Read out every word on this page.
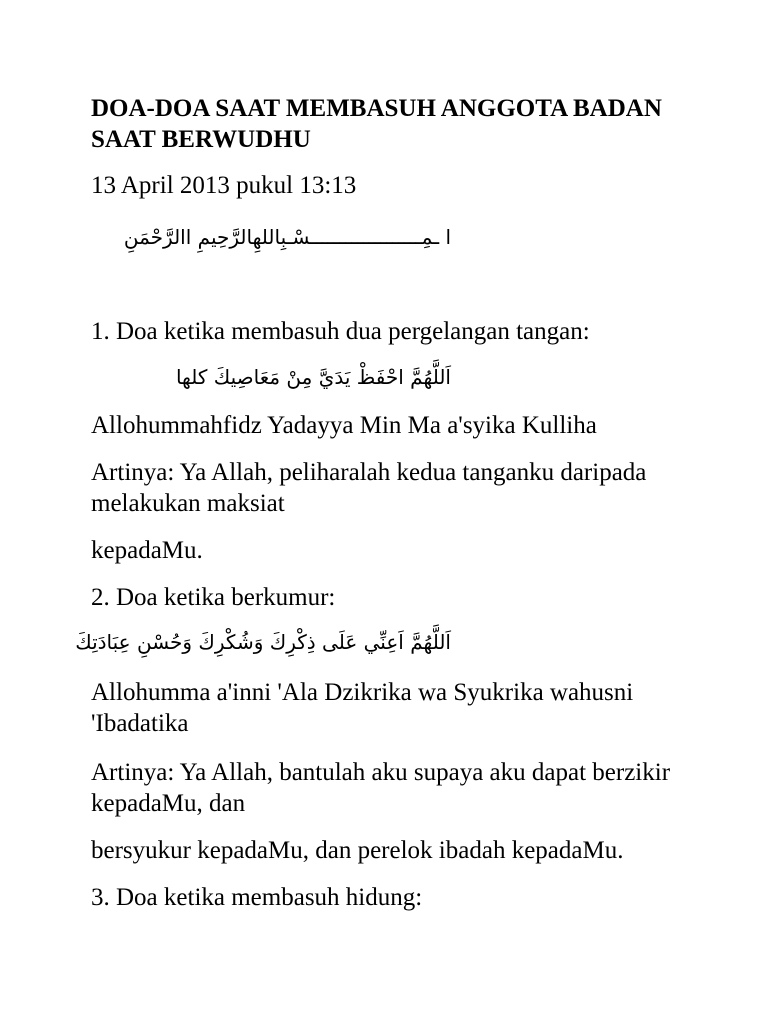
DOA-DOA SAAT MEMBASUH ANGGOTA BADAN SAAT BERWUDHU

13 April 2013 pukul 13:13

ا ـمِـــــــــــــــــــسْـبِاللهِالرَّحِيمِ االرَّحْمَنِ

1. Doa ketika membasuh dua pergelangan tangan:

اَللَّهُمَّ احْفَظْ يَدَيَّ مِنْ مَعَاصِيكَ كلها

Allohummahfidz Yadayya Min Ma a'syika Kulliha

Artinya: Ya Allah, peliharalah kedua tanganku daripada melakukan maksiat

kepadaMu.

2. Doa ketika berkumur:

اَللَّهُمَّ اَعِنِّي عَلَى ذِكْرِكَ وَشُكْرِكَ وَحُسْنِ عِبَادَتِكَ

Allohumma a'inni 'Ala Dzikrika wa Syukrika wahusni 'Ibadatika

Artinya: Ya Allah, bantulah aku supaya aku dapat berzikir kepadaMu, dan

bersyukur kepadaMu, dan perelok ibadah kepadaMu.

3. Doa ketika membasuh hidung:
